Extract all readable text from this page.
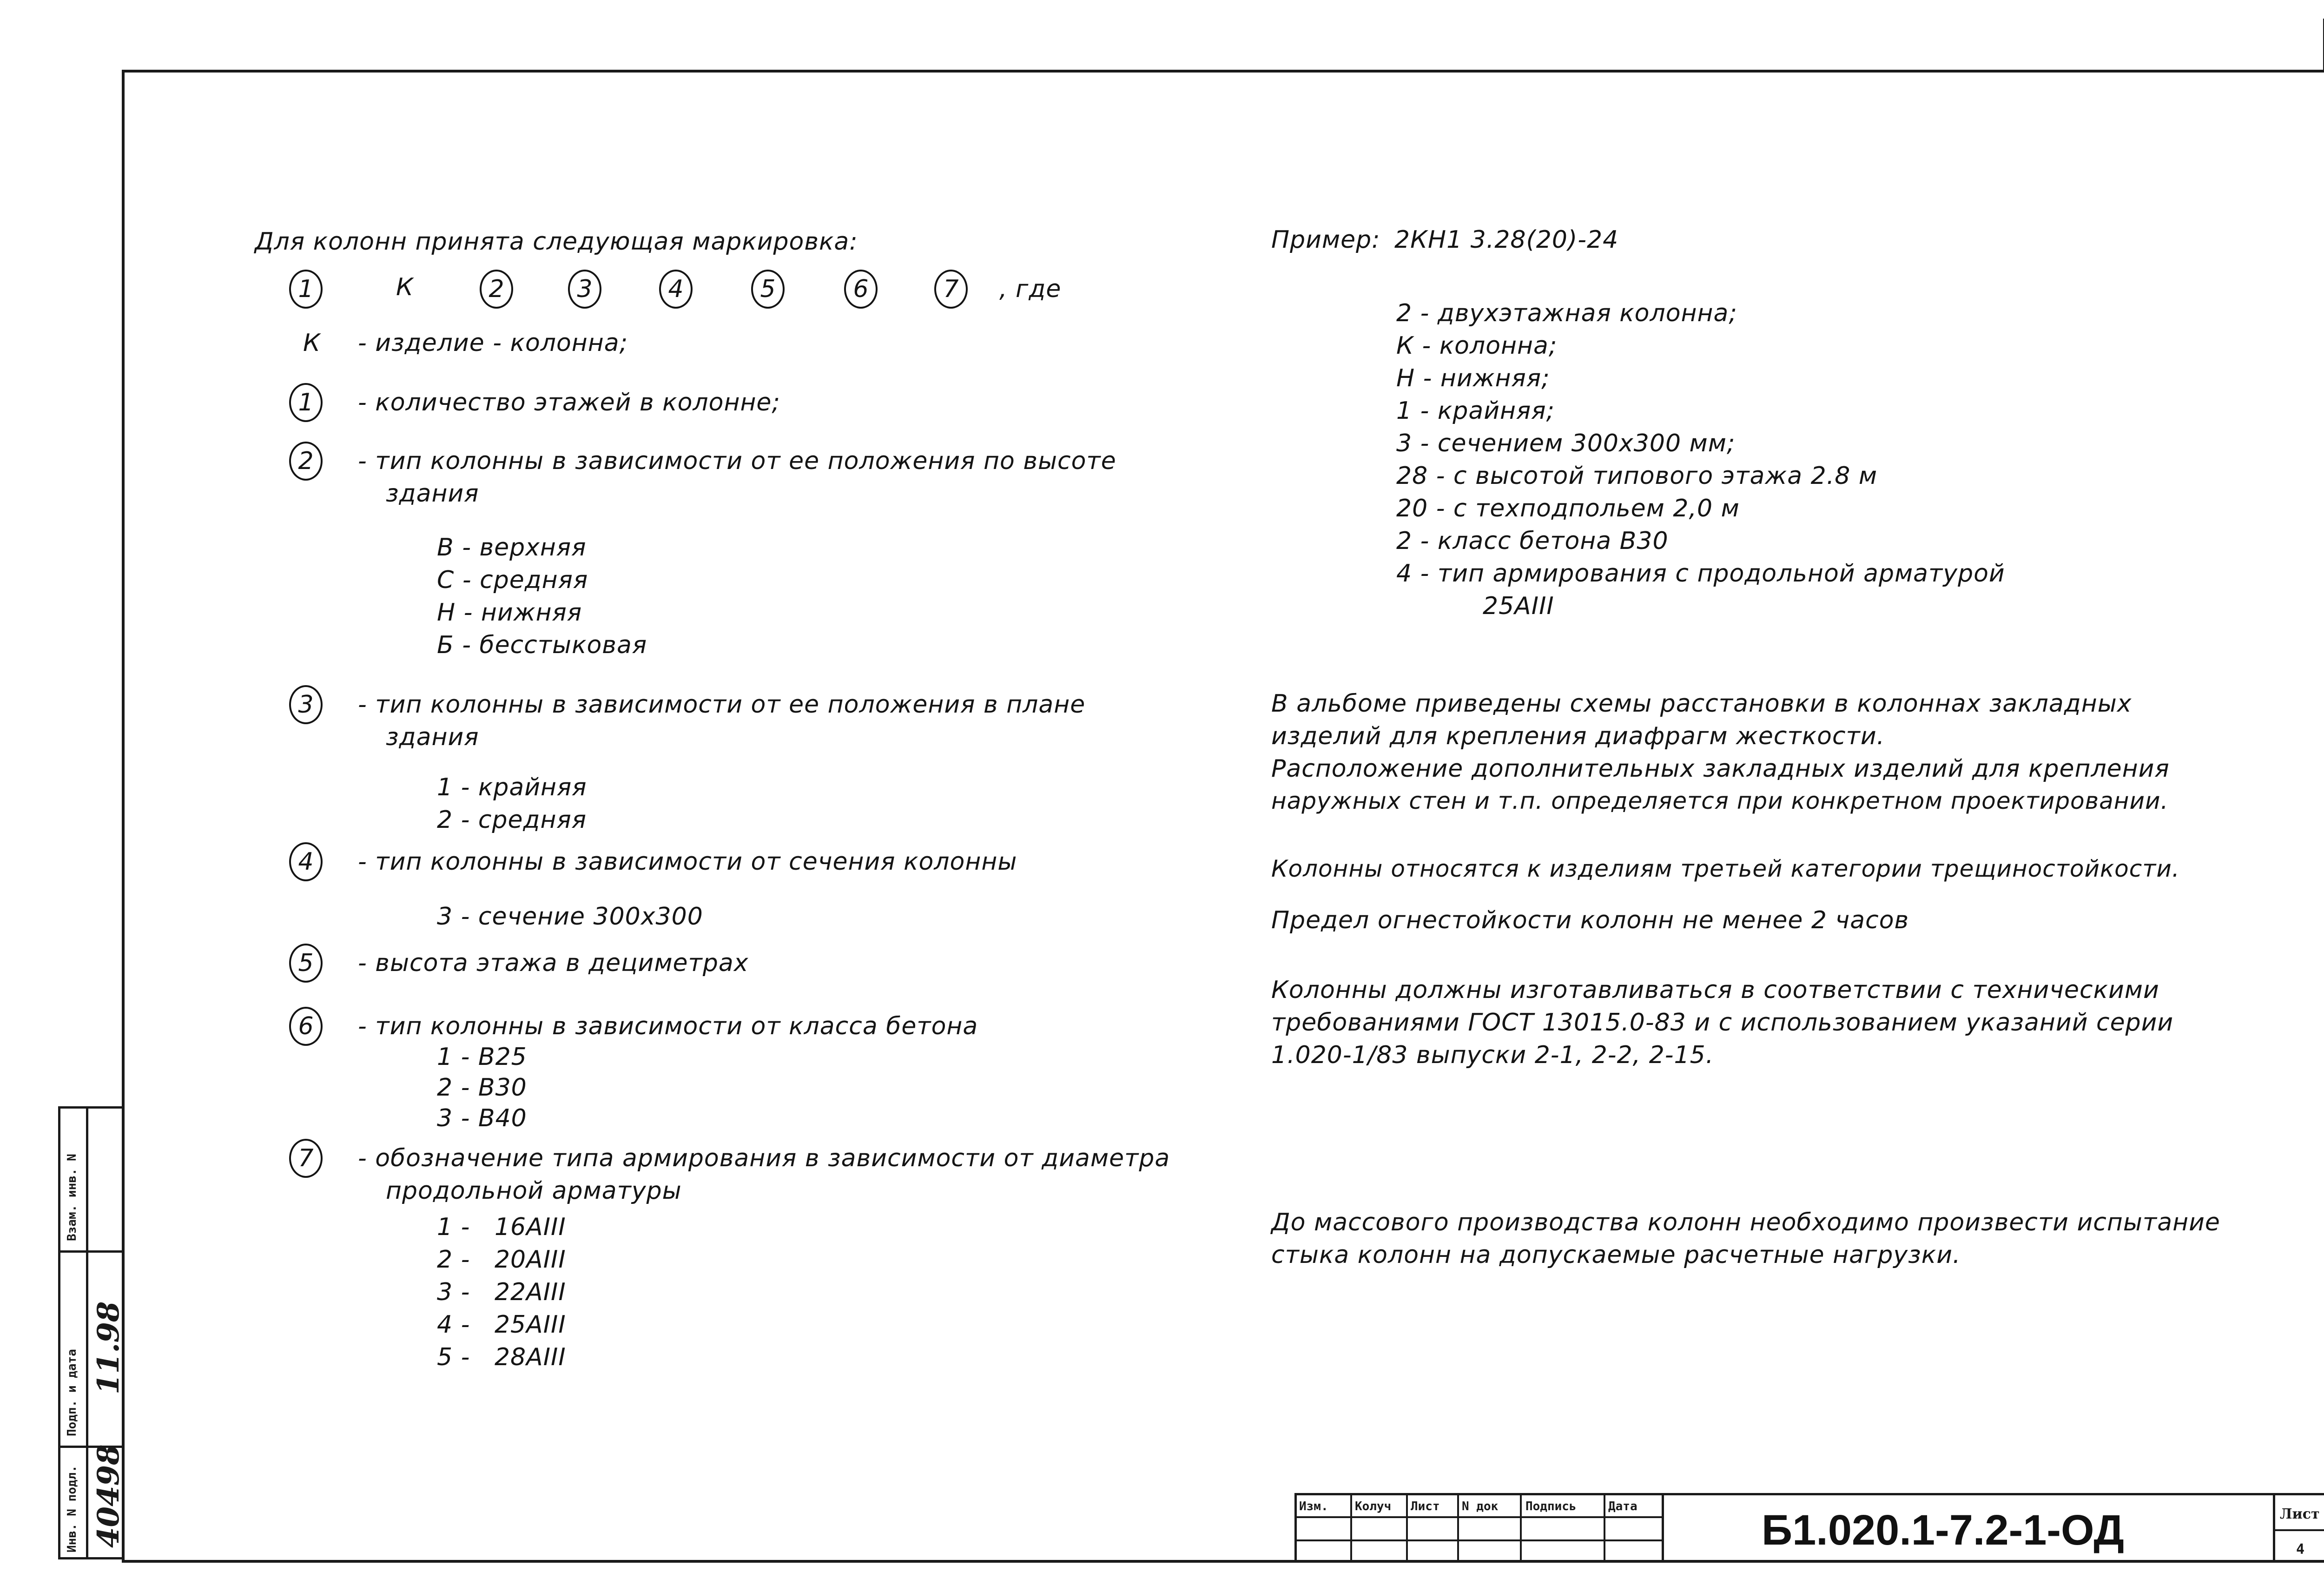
Инв. N подл.
Подп. и дата
Взам. инв. N
40498
11.98
Для колонн принята следующая маркировка:
1	К	2	3	4	5	6	7	, где
К - изделие - колонна;
1	- количество этажей в колонне;
2	- тип колонны в зависимости от ее положения по высоте
здания
В - верхняя
С - средняя
Н - нижняя
Б - бесстыковая
3	- тип колонны в зависимости от ее положения в плане
здания
1 - крайняя
2 - средняя
4	- тип колонны в зависимости от сечения колонны
3 - сечение 300х300
5	- высота этажа в дециметрах
6	- тип колонны в зависимости от класса бетона
1 - В25
2 - В30
3 - В40
7	- обозначение типа армирования в зависимости от диаметра
продольной арматуры
1 -   16АIII
2 -   20АIII
3 -   22АIII
4 -   25АIII
5 -   28АIII
Пример: 2КН1 3.28(20)-24
2 - двухэтажная колонна;
К - колонна;
Н - нижняя;
1 - крайняя;
3 - сечением 300х300 мм;
28 - с высотой типового этажа 2.8 м
20 - с техподпольем 2,0 м
2 - класс бетона В30
4 - тип армирования с продольной арматурой
25АIII
В альбоме приведены схемы расстановки в колоннах закладных
изделий для крепления диафрагм жесткости.
Расположение дополнительных закладных изделий для крепления
наружных стен и т.п. определяется при конкретном проектировании.
Колонны относятся к изделиям третьей категории трещиностойкости.
Предел огнестойкости колонн не менее 2 часов
Колонны должны изготавливаться в соответствии с техническими
требованиями ГОСТ 13015.0-83 и с использованием указаний серии
1.020-1/83 выпуски 2-1, 2-2, 2-15.
До массового производства колонн необходимо произвести испытание
стыка колонн на допускаемые расчетные нагрузки.
Изм. Колуч Лист N док Подпись	Дата	Б1.020.1-7.2-1-ОД	Лист
4
